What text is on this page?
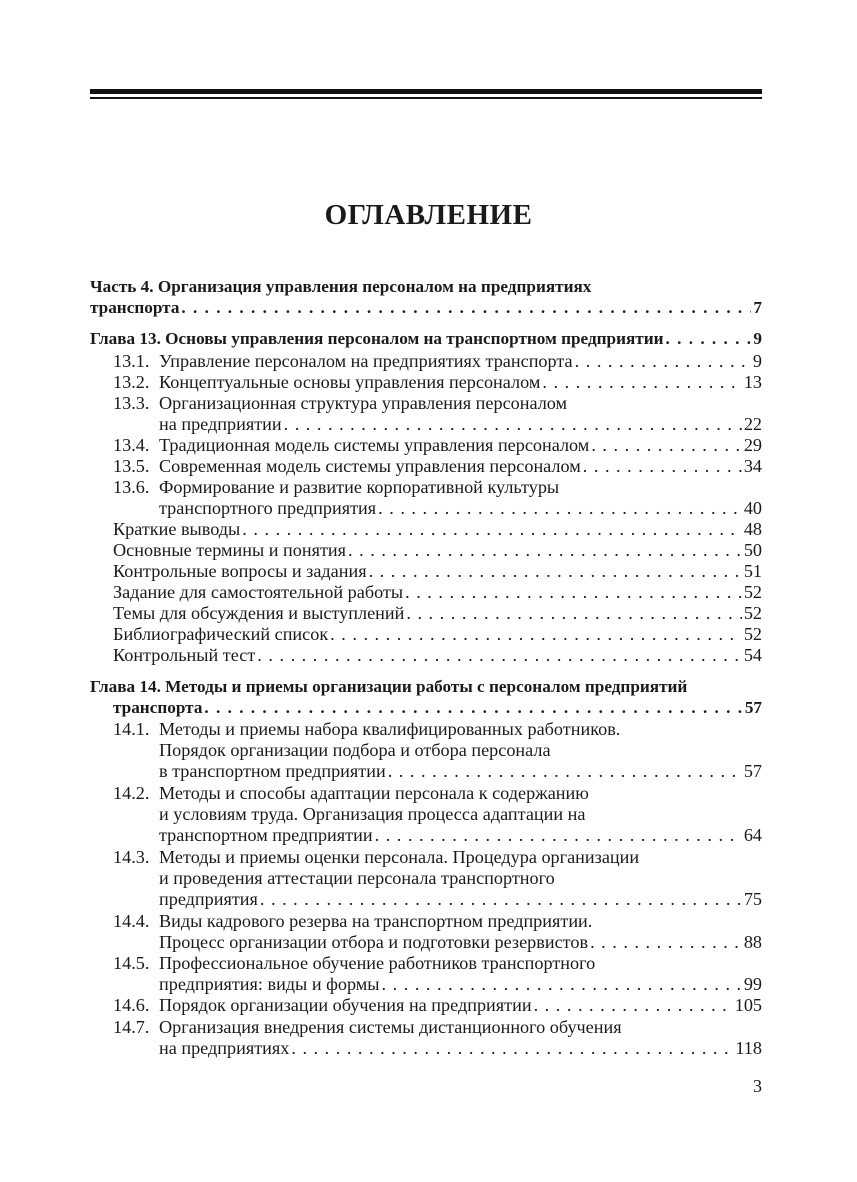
ОГЛАВЛЕНИЕ
Часть 4. Организация управления персоналом на предприятиях
транспорта . . .	7
Глава 13. Основы управления персоналом на транспортном предприятии . . .	9
13.1. Управление персоналом на предприятиях транспорта . . .	9
13.2. Концептуальные основы управления персоналом . . .	13
13.3. Организационная структура управления персоналом
на предприятии . . .	22
13.4. Традиционная модель системы управления персоналом . . .	29
13.5. Современная модель системы управления персоналом . . .	34
13.6. Формирование и развитие корпоративной культуры
транспортного предприятия . . .	40
Краткие выводы . . .	48
Основные термины и понятия . . .	50
Контрольные вопросы и задания . . .	51
Задание для самостоятельной работы . . .	52
Темы для обсуждения и выступлений . . .	52
Библиографический список . . .	52
Контрольный тест . . .	54
Глава 14. Методы и приемы организации работы с персоналом предприятий
транспорта . . .	57
14.1. Методы и приемы набора квалифицированных работников.
Порядок организации подбора и отбора персонала
в транспортном предприятии . . .	57
14.2. Методы и способы адаптации персонала к содержанию
и условиям труда. Организация процесса адаптации на
транспортном предприятии . . .	64
14.3. Методы и приемы оценки персонала. Процедура организации
и проведения аттестации персонала транспортного
предприятия . . .	75
14.4. Виды кадрового резерва на транспортном предприятии.
Процесс организации отбора и подготовки резервистов . . .	88
14.5. Профессиональное обучение работников транспортного
предприятия: виды и формы . . .	99
14.6. Порядок организации обучения на предприятии . . .	105
14.7. Организация внедрения системы дистанционного обучения
на предприятиях . . .	118
3
